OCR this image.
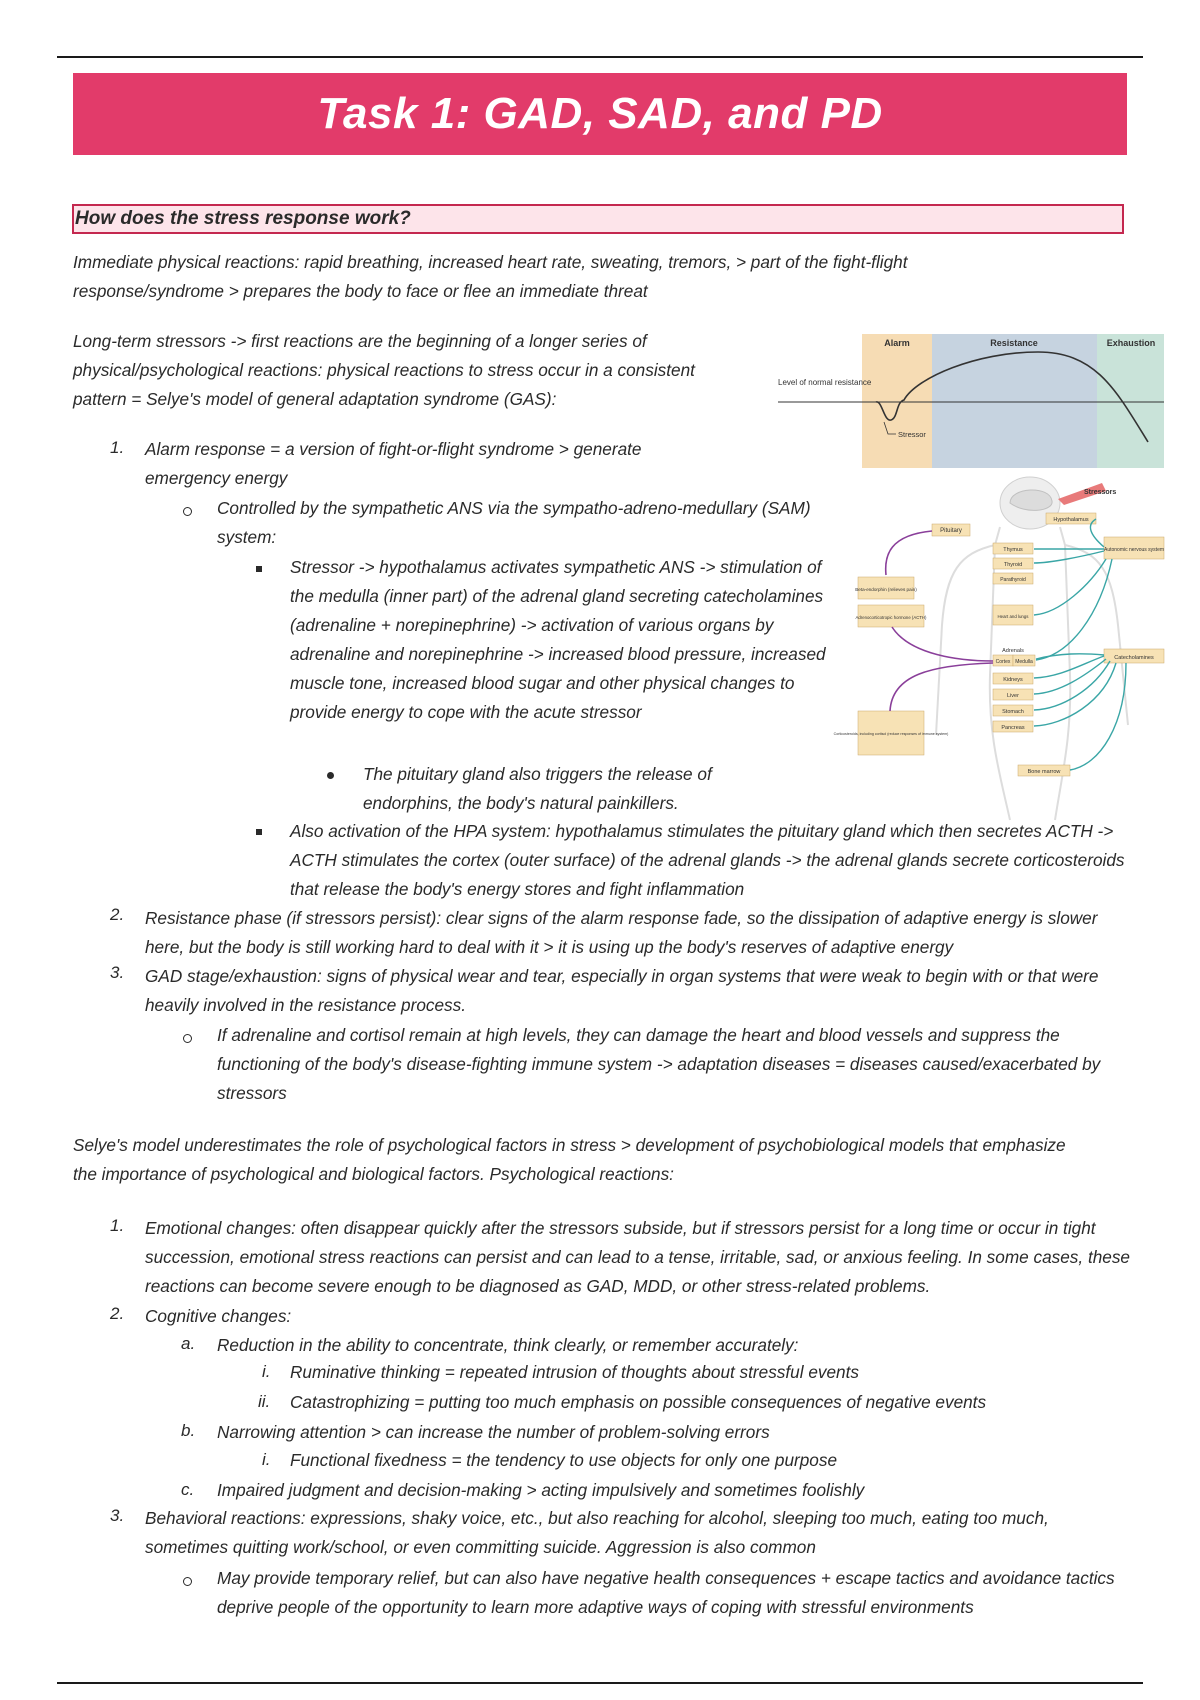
Task 1: GAD, SAD, and PD
How does the stress response work?

Immediate physical reactions: rapid breathing, increased heart rate, sweating, tremors, > part of the fight-flight response/syndrome > prepares the body to face or flee an immediate threat

Long-term stressors -> first reactions are the beginning of a longer series of physical/psychological reactions: physical reactions to stress occur in a consistent pattern = Selye's model of general adaptation syndrome (GAS):

1. Alarm response = a version of fight-or-flight syndrome > generate emergency energy

Controlled by the sympathetic ANS via the sympatho-adreno-medullary (SAM) system:

Stressor -> hypothalamus activates sympathetic ANS -> stimulation of the medulla (inner part) of the adrenal gland secreting catecholamines (adrenaline + norepinephrine) -> activation of various organs by adrenaline and norepinephrine -> increased blood pressure, increased muscle tone, increased blood sugar and other physical changes to provide energy to cope with the acute stressor

The pituitary gland also triggers the release of endorphins, the body's natural painkillers.

Also activation of the HPA system: hypothalamus stimulates the pituitary gland which then secretes ACTH -> ACTH stimulates the cortex (outer surface) of the adrenal glands -> the adrenal glands secrete corticosteroids that release the body's energy stores and fight inflammation

2. Resistance phase (if stressors persist): clear signs of the alarm response fade, so the dissipation of adaptive energy is slower here, but the body is still working hard to deal with it > it is using up the body's reserves of adaptive energy

3. GAD stage/exhaustion: signs of physical wear and tear, especially in organ systems that were weak to begin with or that were heavily involved in the resistance process.

If adrenaline and cortisol remain at high levels, they can damage the heart and blood vessels and suppress the functioning of the body's disease-fighting immune system -> adaptation diseases = diseases caused/exacerbated by stressors

Selye's model underestimates the role of psychological factors in stress > development of psychobiological models that emphasize the importance of psychological and biological factors. Psychological reactions:

1. Emotional changes: often disappear quickly after the stressors subside, but if stressors persist for a long time or occur in tight succession, emotional stress reactions can persist and can lead to a tense, irritable, sad, or anxious feeling. In some cases, these reactions can become severe enough to be diagnosed as GAD, MDD, or other stress-related problems.

2. Cognitive changes:

a. Reduction in the ability to concentrate, think clearly, or remember accurately:

i. Ruminative thinking = repeated intrusion of thoughts about stressful events

ii. Catastrophizing = putting too much emphasis on possible consequences of negative events

b. Narrowing attention > can increase the number of problem-solving errors

i. Functional fixedness = the tendency to use objects for only one purpose

c. Impaired judgment and decision-making > acting impulsively and sometimes foolishly

3. Behavioral reactions: expressions, shaky voice, etc., but also reaching for alcohol, sleeping too much, eating too much, sometimes quitting work/school, or even committing suicide. Aggression is also common

May provide temporary relief, but can also have negative health consequences + escape tactics and avoidance tactics deprive people of the opportunity to learn more adaptive ways of coping with stressful environments

Alarm	Resistance	Exhaustion
Level of normal resistance
Stressor
Stressors
Hypothalamus
Pituitary
Autonomic nervous system
Beta-endorphin (relieves pain)
Adrenocorticotropic hormone (ACTH)
Corticosteroids, including cortisol (reduce responses of immune system)
Catecholamines
Thymus
Thyroid
Parathyroid
Heart and lungs
Adrenals
Cortex Medulla
Kidneys
Liver
Stomach
Pancreas
Bone marrow
